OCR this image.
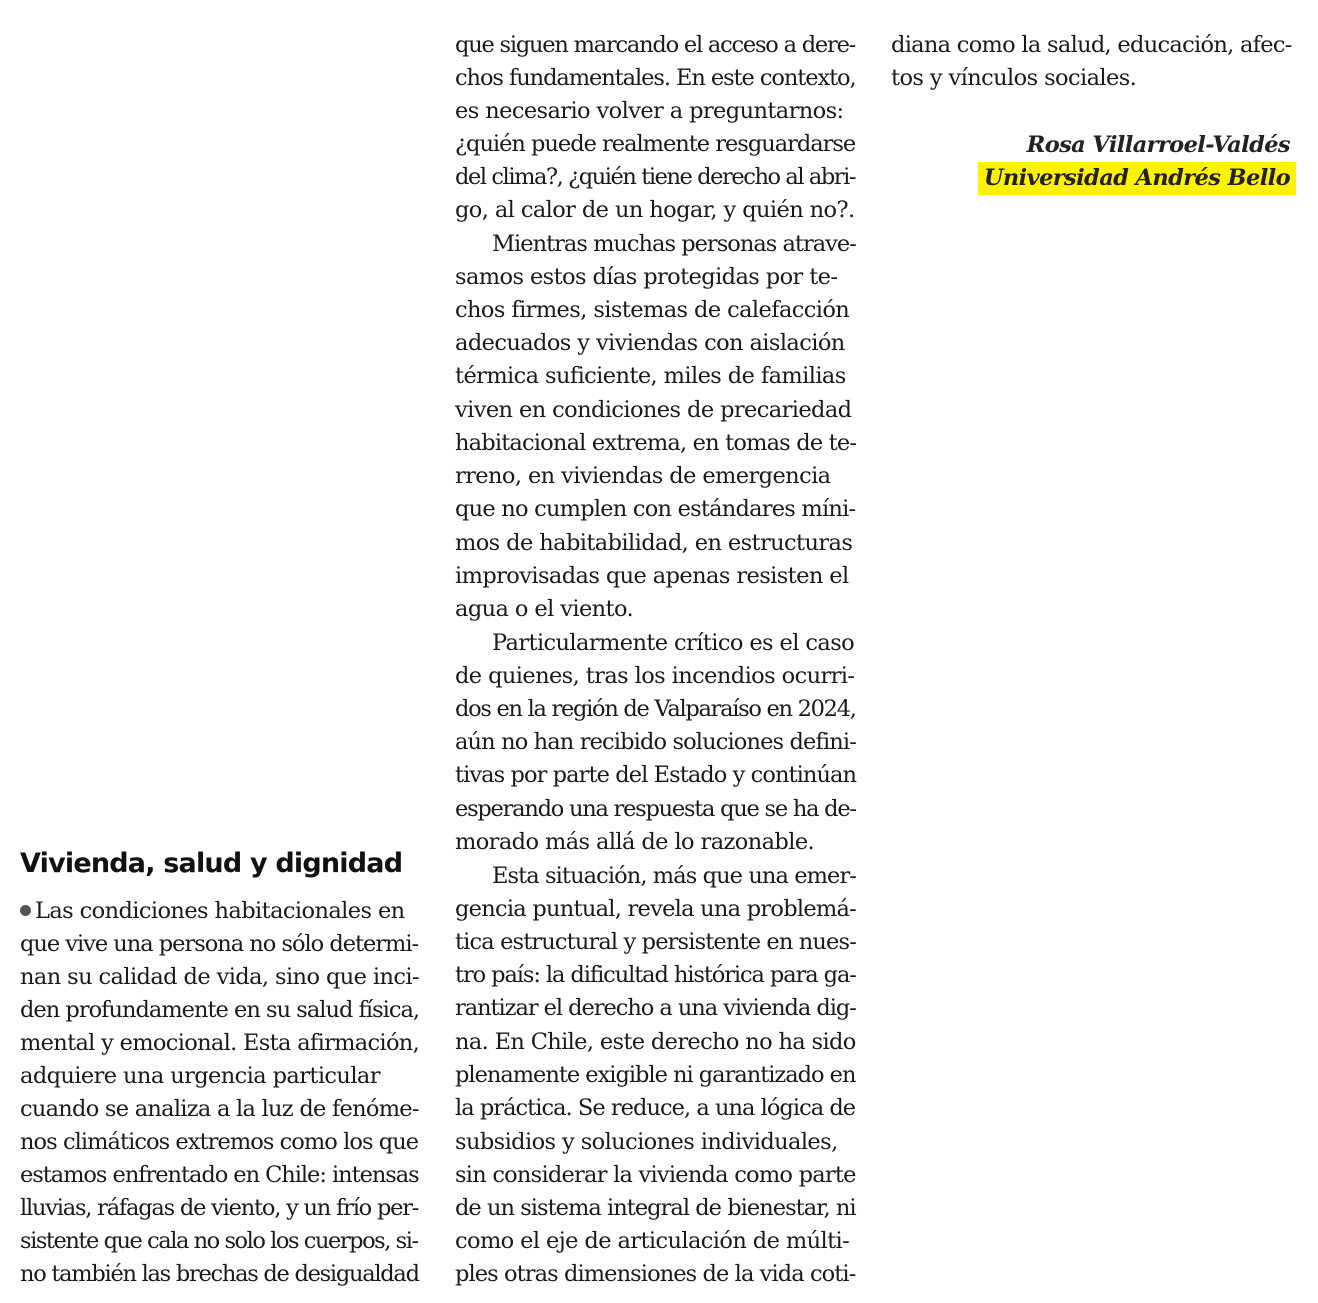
Vivienda, salud y dignidad
Las condiciones habitacionales en
que vive una persona no sólo determi-
nan su calidad de vida, sino que inci-
den profundamente en su salud física,
mental y emocional. Esta afirmación,
adquiere una urgencia particular
cuando se analiza a la luz de fenóme-
nos climáticos extremos como los que
estamos enfrentado en Chile: intensas
lluvias, ráfagas de viento, y un frío per-
sistente que cala no solo los cuerpos, si-
no también las brechas de desigualdad
que siguen marcando el acceso a dere-
chos fundamentales. En este contexto,
es necesario volver a preguntarnos:
¿quién puede realmente resguardarse
del clima?, ¿quién tiene derecho al abri-
go, al calor de un hogar, y quién no?.
Mientras muchas personas atrave-
samos estos días protegidas por te-
chos firmes, sistemas de calefacción
adecuados y viviendas con aislación
térmica suficiente, miles de familias
viven en condiciones de precariedad
habitacional extrema, en tomas de te-
rreno, en viviendas de emergencia
que no cumplen con estándares míni-
mos de habitabilidad, en estructuras
improvisadas que apenas resisten el
agua o el viento.
Particularmente crítico es el caso
de quienes, tras los incendios ocurri-
dos en la región de Valparaíso en 2024,
aún no han recibido soluciones defini-
tivas por parte del Estado y continúan
esperando una respuesta que se ha de-
morado más allá de lo razonable.
Esta situación, más que una emer-
gencia puntual, revela una problemá-
tica estructural y persistente en nues-
tro país: la dificultad histórica para ga-
rantizar el derecho a una vivienda dig-
na. En Chile, este derecho no ha sido
plenamente exigible ni garantizado en
la práctica. Se reduce, a una lógica de
subsidios y soluciones individuales,
sin considerar la vivienda como parte
de un sistema integral de bienestar, ni
como el eje de articulación de múlti-
ples otras dimensiones de la vida coti-
diana como la salud, educación, afec-
tos y vínculos sociales.
Rosa Villarroel-Valdés
Universidad Andrés Bello
